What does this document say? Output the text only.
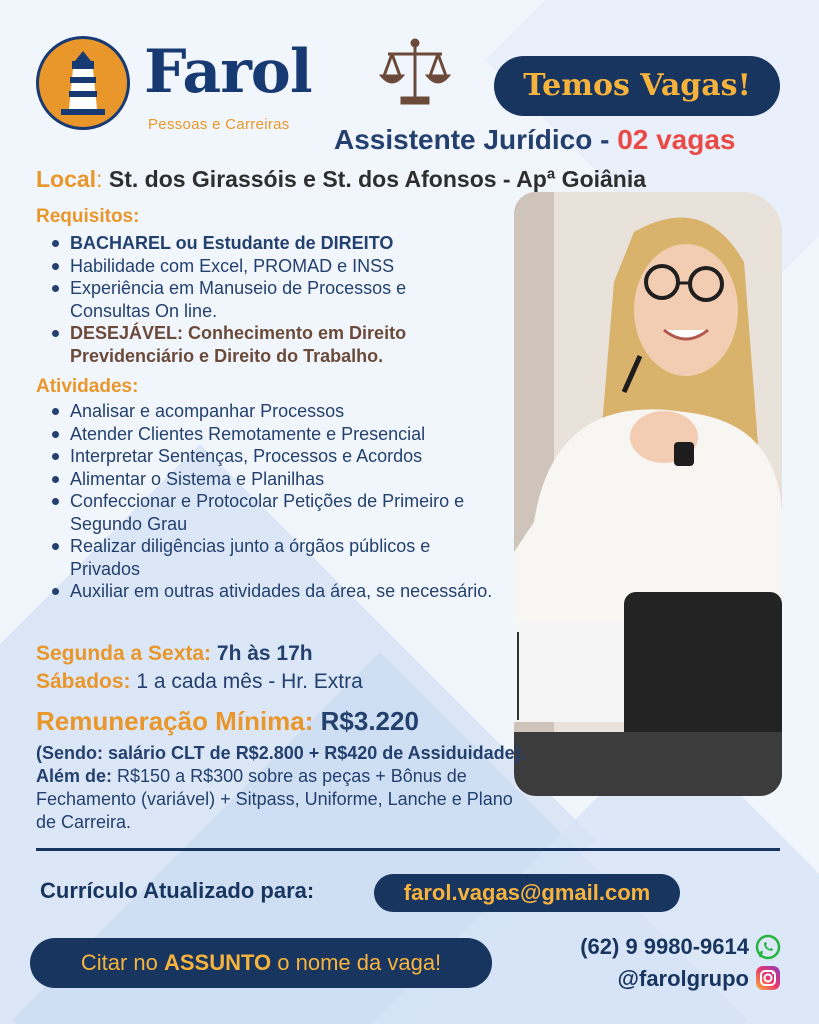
Farol
Pessoas e Carreiras
Temos Vagas!
Assistente Jurídico - 02 vagas
Local: St. dos Girassóis e St. dos Afonsos - Apª Goiânia
Requisitos:
BACHAREL ou Estudante de DIREITO
Habilidade com Excel, PROMAD e INSS
Experiência em Manuseio de Processos e Consultas On line.
DESEJÁVEL: Conhecimento em Direito Previdenciário e Direito do Trabalho.
Atividades:
Analisar e acompanhar Processos
Atender Clientes Remotamente e Presencial
Interpretar Sentenças, Processos e Acordos
Alimentar o Sistema e Planilhas
Confeccionar e Protocolar Petições de Primeiro e Segundo Grau
Realizar diligências junto a órgãos públicos e Privados
Auxiliar em outras atividades da área, se necessário.
Segunda a Sexta: 7h às 17h
Sábados: 1 a cada mês - Hr. Extra
Remuneração Mínima: R$3.220
(Sendo: salário CLT de R$2.800 + R$420 de Assiduidade). Além de: R$150 a R$300 sobre as peças + Bônus de Fechamento (variável) + Sitpass, Uniforme, Lanche e Plano de Carreira.
Currículo Atualizado para:	farol.vagas@gmail.com
Citar no ASSUNTO o nome da vaga!
(62) 9 9980-9614
@farolgrupo
